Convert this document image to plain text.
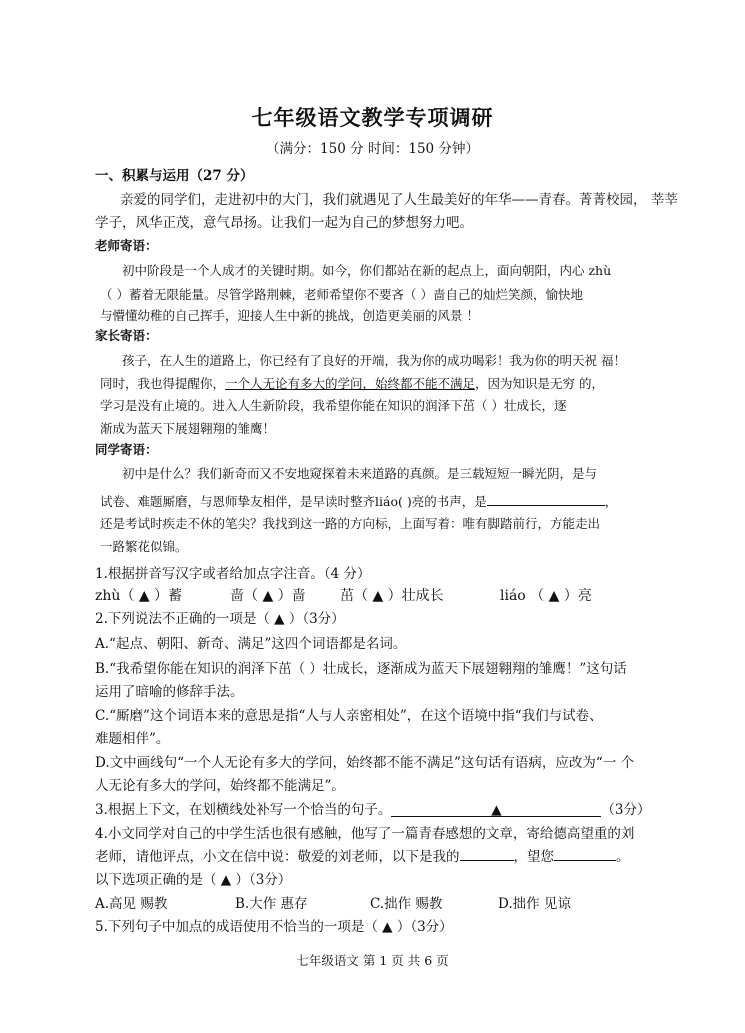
七年级语文教学专项调研
（满分：150 分 时间：150 分钟）
一、积累与运用（27 分）
亲爱的同学们，走进初中的大门，我们就遇见了人生最美好的年华——青春。菁菁校园， 莘莘
学子，风华正茂，意气昂扬。让我们一起为自己的梦想努力吧。
老师寄语：
初中阶段是一个人成才的关键时期。如今，你们都站在新的起点上，面向朝阳，内心 zhù
（ ）蓄着无限能量。尽管学路荆棘，老师希望你不要吝（ ）啬自己的灿烂笑颜，愉快地
与懵懂幼稚的自己挥手，迎接人生中新的挑战，创造更美丽的风景 ！
家长寄语：
孩子，在人生的道路上，你已经有了良好的开端，我为你的成功喝彩！我为你的明天祝 福！
同时，我也得提醒你，一个人无论有多大的学问，始终都不能不满足，因为知识是无穷 的，
学习是没有止境的。进入人生新阶段，我希望你能在知识的润泽下茁（ ）壮成长，逐
渐成为蓝天下展翅翱翔的雏鹰！
同学寄语：
初中是什么？我们新奇而又不安地窥探着未来道路的真颜。是三载短短一瞬光阴，是与
试卷、难题厮磨，与恩师挚友相伴，是早读时整齐liáo( )亮的书声，是	，
还是考试时疾走不休的笔尖？我找到这一路的方向标，上面写着：唯有脚踏前行，方能走出
一路繁花似锦。
1.根据拼音写汉字或者给加点字注音。（4 分）
zhù（ ▲ ）蓄	啬（ ▲ ）啬 茁（ ▲ ）壮成长	liáo （ ▲ ）亮
2.下列说法不正确的一项是（ ▲ ）（3分）
A.“起点、朝阳、新奇、满足”这四个词语都是名词。
B.“我希望你能在知识的润泽下茁（ ）壮成长，逐渐成为蓝天下展翅翱翔的雏鹰！”这句话
运用了暗喻的修辞手法。
C.“厮磨”这个词语本来的意思是指“人与人亲密相处”，在这个语境中指“我们与试卷、
难题相伴”。
D.文中画线句“一个人无论有多大的学问，始终都不能不满足”这句话有语病，应改为“一 个
人无论有多大的学问，始终都不能满足”。
3.根据上下文，在划横线处补写一个恰当的句子。	▲	（3分）
4.小文同学对自己的中学生活也很有感触，他写了一篇青春感想的文章，寄给德高望重的刘
老师，请他评点，小文在信中说：敬爱的刘老师，以下是我的	，望您	。
以下选项正确的是（ ▲ ）（3分）
A.高见 赐教	B.大作 惠存	C.拙作 赐教	D.拙作 见谅
5.下列句子中加点的成语使用不恰当的一项是（ ▲ ）（3分）
七年级语文 第 1 页 共 6 页
